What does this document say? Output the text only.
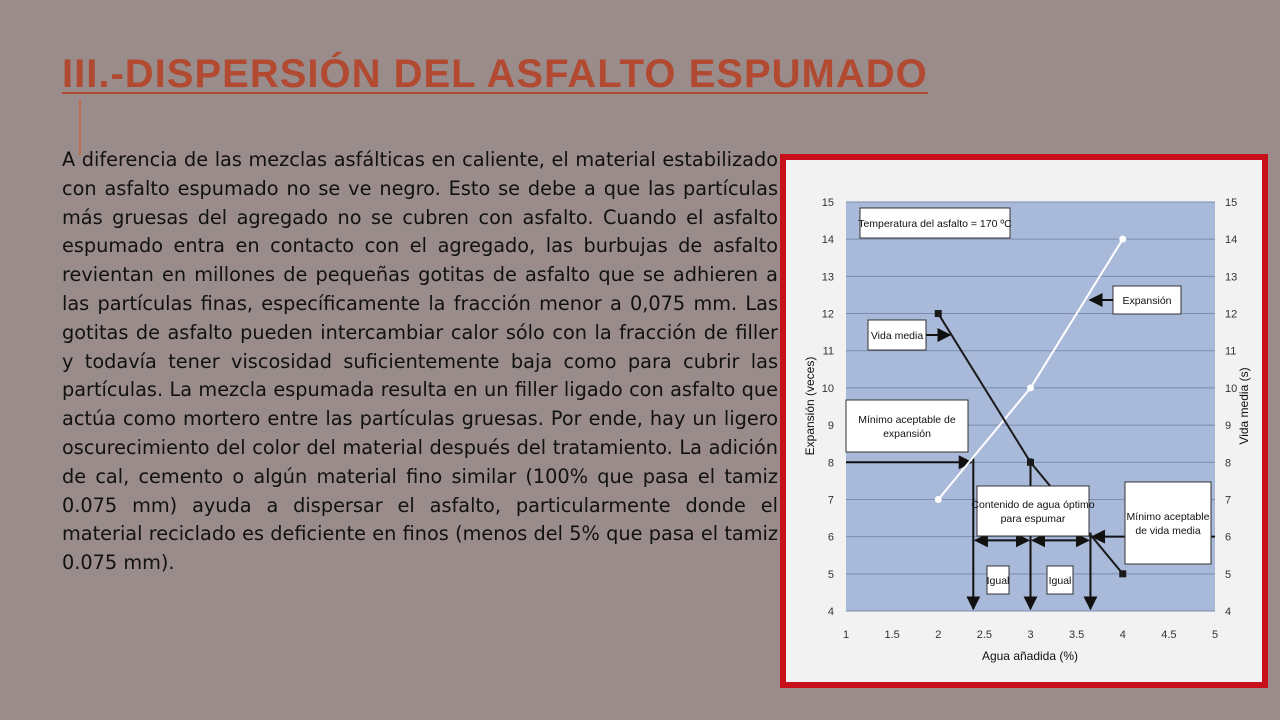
III.-DISPERSIÓN DEL ASFALTO ESPUMADO

A diferencia de las mezclas asfálticas en caliente, el material estabilizado con asfalto espumado no se ve negro. Esto se debe a que las partículas más gruesas del agregado no se cubren con asfalto. Cuando el asfalto espumado entra en contacto con el agregado, las burbujas de asfalto revientan en millones de pequeñas gotitas de asfalto que se adhieren a las partículas finas, específicamente la fracción menor a 0,075 mm. Las gotitas de asfalto pueden intercambiar calor sólo con la fracción de filler y todavía tener viscosidad suficientemente baja como para cubrir las partículas. La mezcla espumada resulta en un filler ligado con asfalto que actúa como mortero entre las partículas gruesas. Por ende, hay un ligero oscurecimiento del color del material después del tratamiento. La adición de cal, cemento o algún material fino similar (100% que pasa el tamiz 0.075 mm) ayuda a dispersar el asfalto, particularmente donde el material reciclado es deficiente en finos (menos del 5% que pasa el tamiz 0.075 mm).

4
5
6
7
8
9
10
11
12
13
14
15
4
5
6
7
8
9
10
11
12
13
14
15
1	1.5	2	2.5	3	3.5	4	4.5	5
Agua añadida (%)
Expansión (veces)	Vida media (s)
Temperatura del asfalto = 170 ºC
Expansión
Vida media
Mínimo aceptable de
expansión
Contenido de agua óptimo
para espumar	Mínimo aceptable
de vida media
Igual	Igual
